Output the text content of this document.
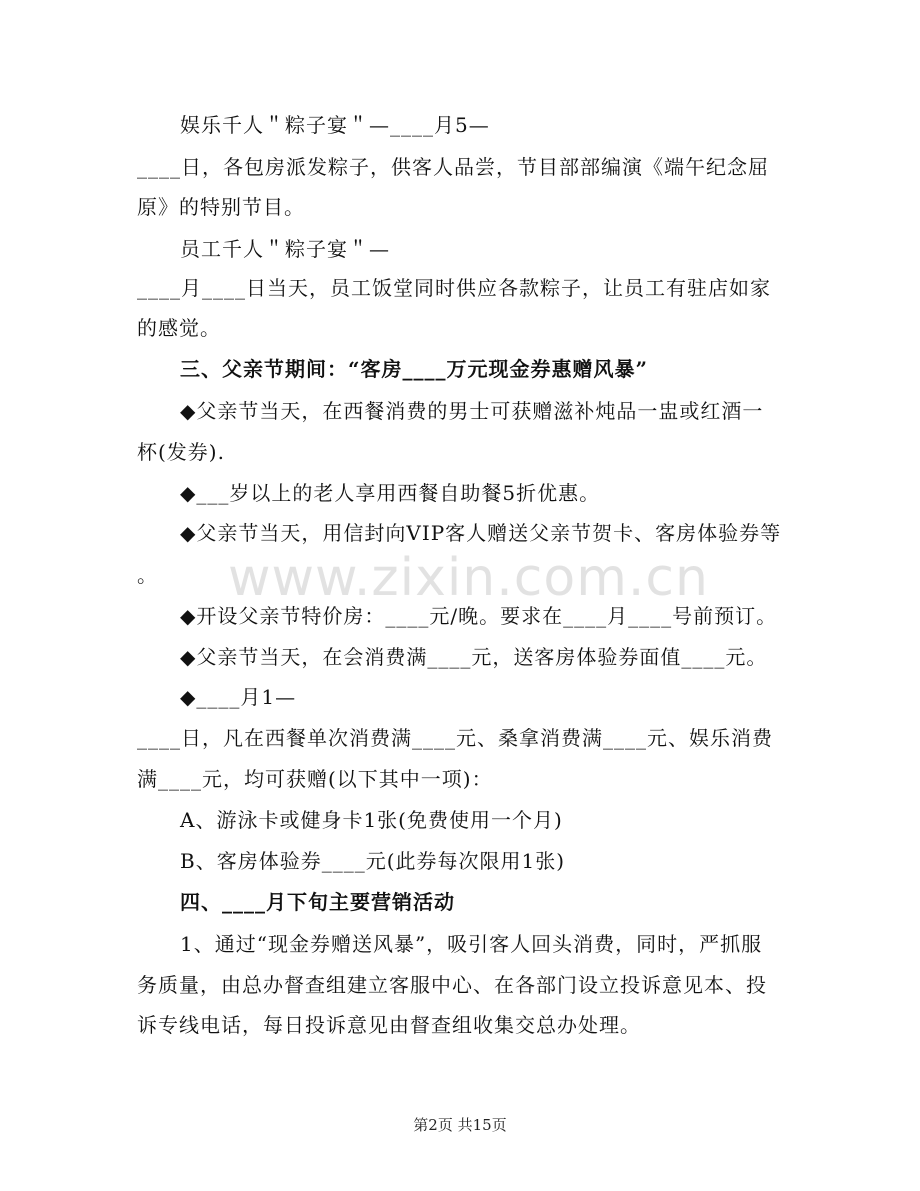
娱乐千人＂粽子宴＂—____月5—
____日，各包房派发粽子，供客人品尝，节目部部编演《端午纪念屈
原》的特别节目。
员工千人＂粽子宴＂—
____月____日当天，员工饭堂同时供应各款粽子，让员工有驻店如家
的感觉。
三、父亲节期间：“客房____万元现金券惠赠风暴”
◆父亲节当天，在西餐消费的男士可获赠滋补炖品一盅或红酒一
杯(发券).
◆___岁以上的老人享用西餐自助餐5折优惠。
◆父亲节当天，用信封向VIP客人赠送父亲节贺卡、客房体验券等
。
◆开设父亲节特价房：____元/晚。要求在____月____号前预订。
◆父亲节当天，在会消费满____元，送客房体验券面值____元。
◆____月1—
____日，凡在西餐单次消费满____元、桑拿消费满____元、娱乐消费
满____元，均可获赠(以下其中一项)：
A、游泳卡或健身卡1张(免费使用一个月)
B、客房体验券____元(此券每次限用1张)
四、____月下旬主要营销活动
1、通过“现金券赠送风暴”，吸引客人回头消费，同时，严抓服
务质量，由总办督查组建立客服中心、在各部门设立投诉意见本、投
诉专线电话，每日投诉意见由督查组收集交总办处理。
www.zixin.com.cn
第2页 共15页
